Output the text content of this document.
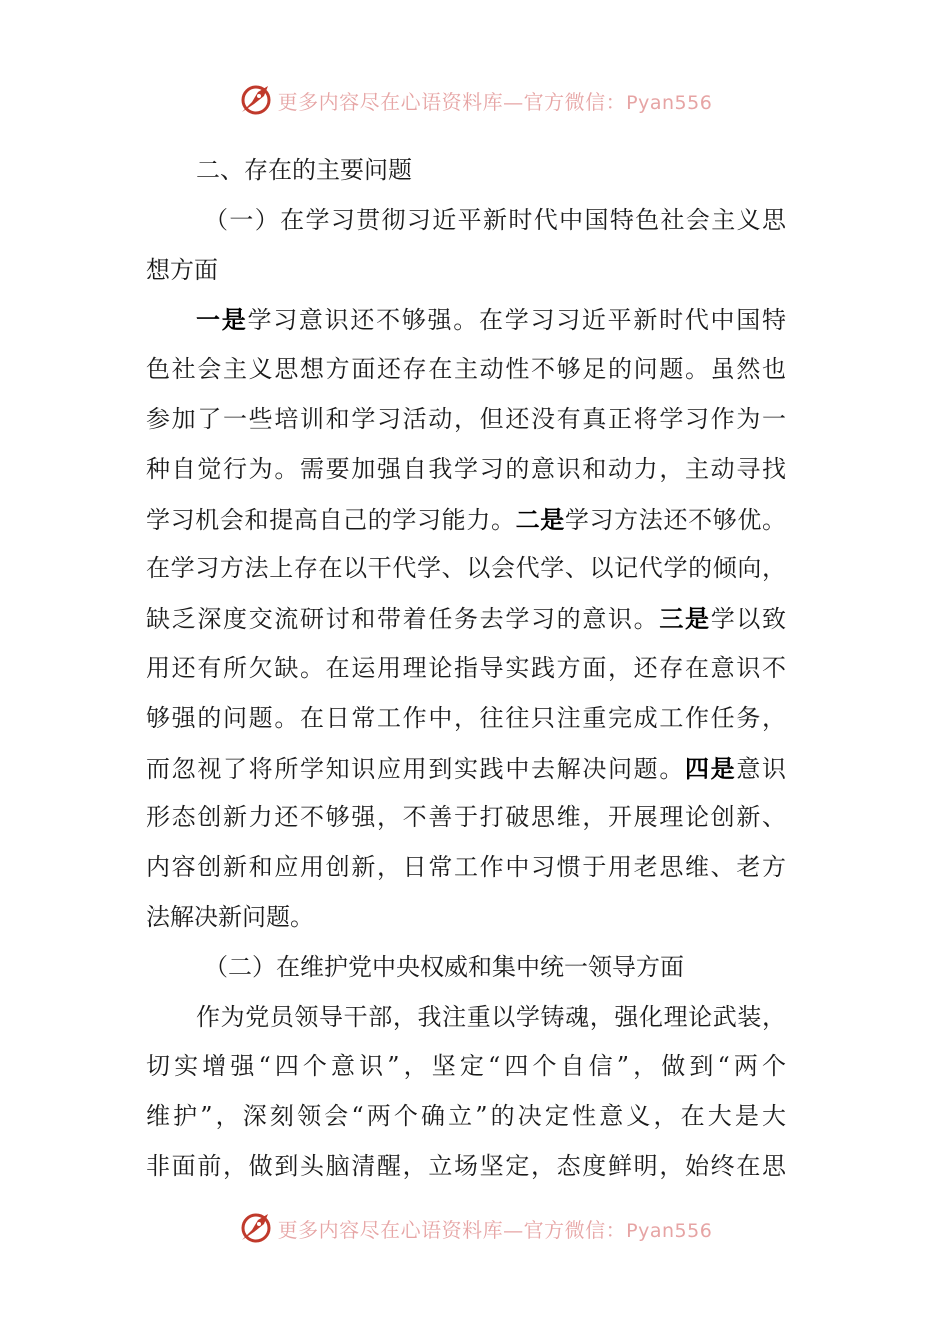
更多内容尽在心语资料库—官方微信：Pyan556
二、存在的主要问题
（一）在学习贯彻习近平新时代中国特色社会主义思
想方面
一是学习意识还不够强。在学习习近平新时代中国特
色社会主义思想方面还存在主动性不够足的问题。虽然也
参加了一些培训和学习活动，但还没有真正将学习作为一
种自觉行为。需要加强自我学习的意识和动力，主动寻找
学习机会和提高自己的学习能力。二是学习方法还不够优。
在学习方法上存在以干代学、以会代学、以记代学的倾向，
缺乏深度交流研讨和带着任务去学习的意识。三是学以致
用还有所欠缺。在运用理论指导实践方面，还存在意识不
够强的问题。在日常工作中，往往只注重完成工作任务，
而忽视了将所学知识应用到实践中去解决问题。四是意识
形态创新力还不够强，不善于打破思维，开展理论创新、
内容创新和应用创新，日常工作中习惯于用老思维、老方
法解决新问题。
（二）在维护党中央权威和集中统一领导方面
作为党员领导干部，我注重以学铸魂，强化理论武装，
切实增强“四个意识”，坚定“四个自信”，做到“两个
维护”，深刻领会“两个确立”的决定性意义，在大是大
非面前，做到头脑清醒，立场坚定，态度鲜明，始终在思
更多内容尽在心语资料库—官方微信：Pyan556
